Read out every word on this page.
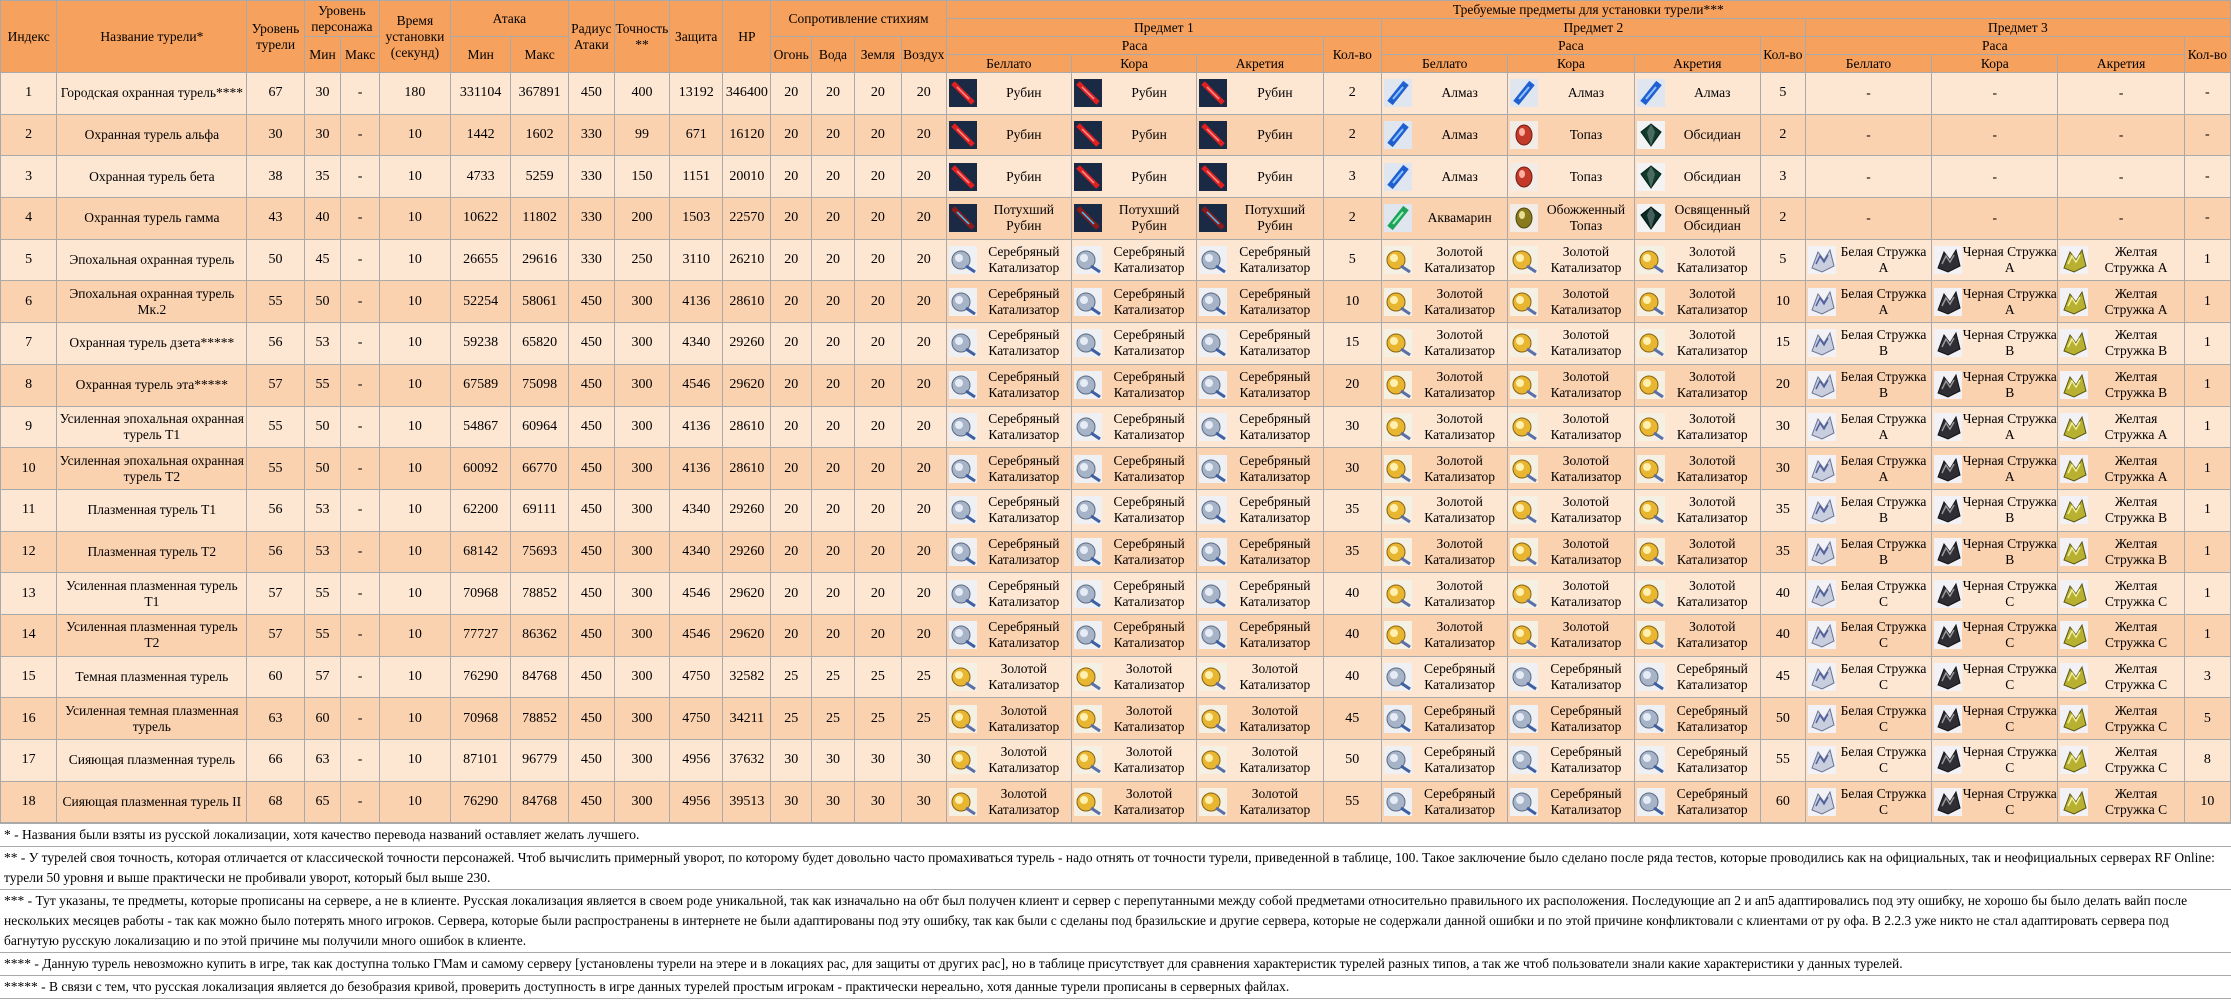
Индекс	Название турели*	Уровень турели	Уровень персонажа		Время установки (секунд)	Атака		Радиус Атаки	Точность **	Защита	HP	Сопротивление стихиям				Требуемые предметы для установки турели***											
																Предмет 1				Предмет 2				Предмет 3			
			Мин	Макс		Мин	Макс					Огонь	Вода	Земля	Воздух	Раса			Кол-во	Раса			Кол-во	Раса			Кол-во
																Беллато	Кора	Акретия		Беллато	Кора	Акретия		Беллато	Кора	Акретия	
1	Городская охранная турель****	67	30	-	180	331104	367891	450	400	13192	346400	20	20	20	20	Рубин	Рубин	Рубин	2	Алмаз	Алмаз	Алмаз	5	-	-	-	-
2	Охранная турель альфа	30	30	-	10	1442	1602	330	99	671	16120	20	20	20	20	Рубин	Рубин	Рубин	2	Алмаз	Топаз	Обсидиан	2	-	-	-	-
3	Охранная турель бета	38	35	-	10	4733	5259	330	150	1151	20010	20	20	20	20	Рубин	Рубин	Рубин	3	Алмаз	Топаз	Обсидиан	3	-	-	-	-
4	Охранная турель гамма	43	40	-	10	10622	11802	330	200	1503	22570	20	20	20	20	Потухший Рубин	Потухший Рубин	Потухший Рубин	2	Аквамарин	Обожженный Топаз	Освященный Обсидиан	2	-	-	-	-
5	Эпохальная охранная турель	50	45	-	10	26655	29616	330	250	3110	26210	20	20	20	20	Серебряный Катализатор	Серебряный Катализатор	Серебряный Катализатор	5	Золотой Катализатор	Золотой Катализатор	Золотой Катализатор	5	Белая Стружка A	Черная Стружка A	Желтая Стружка A	1
6	Эпохальная охранная турель Мк.2	55	50	-	10	52254	58061	450	300	4136	28610	20	20	20	20	Серебряный Катализатор	Серебряный Катализатор	Серебряный Катализатор	10	Золотой Катализатор	Золотой Катализатор	Золотой Катализатор	10	Белая Стружка A	Черная Стружка A	Желтая Стружка A	1
7	Охранная турель дзета*****	56	53	-	10	59238	65820	450	300	4340	29260	20	20	20	20	Серебряный Катализатор	Серебряный Катализатор	Серебряный Катализатор	15	Золотой Катализатор	Золотой Катализатор	Золотой Катализатор	15	Белая Стружка B	Черная Стружка B	Желтая Стружка B	1
8	Охранная турель эта*****	57	55	-	10	67589	75098	450	300	4546	29620	20	20	20	20	Серебряный Катализатор	Серебряный Катализатор	Серебряный Катализатор	20	Золотой Катализатор	Золотой Катализатор	Золотой Катализатор	20	Белая Стружка B	Черная Стружка B	Желтая Стружка B	1
9	Усиленная эпохальная охранная турель T1	55	50	-	10	54867	60964	450	300	4136	28610	20	20	20	20	Серебряный Катализатор	Серебряный Катализатор	Серебряный Катализатор	30	Золотой Катализатор	Золотой Катализатор	Золотой Катализатор	30	Белая Стружка A	Черная Стружка A	Желтая Стружка A	1
10	Усиленная эпохальная охранная турель T2	55	50	-	10	60092	66770	450	300	4136	28610	20	20	20	20	Серебряный Катализатор	Серебряный Катализатор	Серебряный Катализатор	30	Золотой Катализатор	Золотой Катализатор	Золотой Катализатор	30	Белая Стружка A	Черная Стружка A	Желтая Стружка A	1
11	Плазменная турель T1	56	53	-	10	62200	69111	450	300	4340	29260	20	20	20	20	Серебряный Катализатор	Серебряный Катализатор	Серебряный Катализатор	35	Золотой Катализатор	Золотой Катализатор	Золотой Катализатор	35	Белая Стружка B	Черная Стружка B	Желтая Стружка B	1
12	Плазменная турель T2	56	53	-	10	68142	75693	450	300	4340	29260	20	20	20	20	Серебряный Катализатор	Серебряный Катализатор	Серебряный Катализатор	35	Золотой Катализатор	Золотой Катализатор	Золотой Катализатор	35	Белая Стружка B	Черная Стружка B	Желтая Стружка B	1
13	Усиленная плазменная турель T1	57	55	-	10	70968	78852	450	300	4546	29620	20	20	20	20	Серебряный Катализатор	Серебряный Катализатор	Серебряный Катализатор	40	Золотой Катализатор	Золотой Катализатор	Золотой Катализатор	40	Белая Стружка C	Черная Стружка C	Желтая Стружка C	1
14	Усиленная плазменная турель T2	57	55	-	10	77727	86362	450	300	4546	29620	20	20	20	20	Серебряный Катализатор	Серебряный Катализатор	Серебряный Катализатор	40	Золотой Катализатор	Золотой Катализатор	Золотой Катализатор	40	Белая Стружка C	Черная Стружка C	Желтая Стружка C	1
15	Темная плазменная турель	60	57	-	10	76290	84768	450	300	4750	32582	25	25	25	25	Золотой Катализатор	Золотой Катализатор	Золотой Катализатор	40	Серебряный Катализатор	Серебряный Катализатор	Серебряный Катализатор	45	Белая Стружка C	Черная Стружка C	Желтая Стружка C	3
16	Усиленная темная плазменная турель	63	60	-	10	70968	78852	450	300	4750	34211	25	25	25	25	Золотой Катализатор	Золотой Катализатор	Золотой Катализатор	45	Серебряный Катализатор	Серебряный Катализатор	Серебряный Катализатор	50	Белая Стружка C	Черная Стружка C	Желтая Стружка C	5
17	Сияющая плазменная турель	66	63	-	10	87101	96779	450	300	4956	37632	30	30	30	30	Золотой Катализатор	Золотой Катализатор	Золотой Катализатор	50	Серебряный Катализатор	Серебряный Катализатор	Серебряный Катализатор	55	Белая Стружка C	Черная Стружка C	Желтая Стружка C	8
18	Сияющая плазменная турель II	68	65	-	10	76290	84768	450	300	4956	39513	30	30	30	30	Золотой Катализатор	Золотой Катализатор	Золотой Катализатор	55	Серебряный Катализатор	Серебряный Катализатор	Серебряный Катализатор	60	Белая Стружка C	Черная Стружка C	Желтая Стружка C	10
* - Названия были взяты из русской локализации, хотя качество перевода названий оставляет желать лучшего.
** - У турелей своя точность, которая отличается от классической точности персонажей. Чтоб вычислить примерный уворот, по которому будет довольно часто промахиваться турель - надо отнять от точности турели, приведенной в таблице, 100. Такое заключение было сделано после ряда тестов, которые проводились как на официальных, так и неофициальных серверах RF Online: турели 50 уровня и выше практически не пробивали уворот, который был выше 230.
*** - Тут указаны, те предметы, которые прописаны на сервере, а не в клиенте. Русская локализация является в своем роде уникальной, так как изначально на обт был получен клиент и сервер с перепутанными между собой предметами относительно правильного их расположения. Последующие ап 2 и ап5 адаптировались под эту ошибку, не хорошо бы было делать вайп после нескольких месяцев работы - так как можно было потерять много игроков. Сервера, которые были распространены в интернете не были адаптированы под эту ошибку, так как были с сделаны под бразильские и другие сервера, которые не содержали данной ошибки и по этой причине конфликтовали с клиентами от ру офа. В 2.2.3 уже никто не стал адаптировать сервера под багнутую русскую локализацию и по этой причине мы получили много ошибок в клиенте.
**** - Данную турель невозможно купить в игре, так как доступна только ГМам и самому серверу [установлены турели на этере и в локациях рас, для защиты от других рас], но в таблице присутствует для сравнения характеристик турелей разных типов, а так же чтоб пользователи знали какие характеристики у данных турелей.
***** - В связи с тем, что русская локализация является до безобразия кривой, проверить доступность в игре данных турелей простым игрокам - практически нереально, хотя данные турели прописаны в серверных файлах.
